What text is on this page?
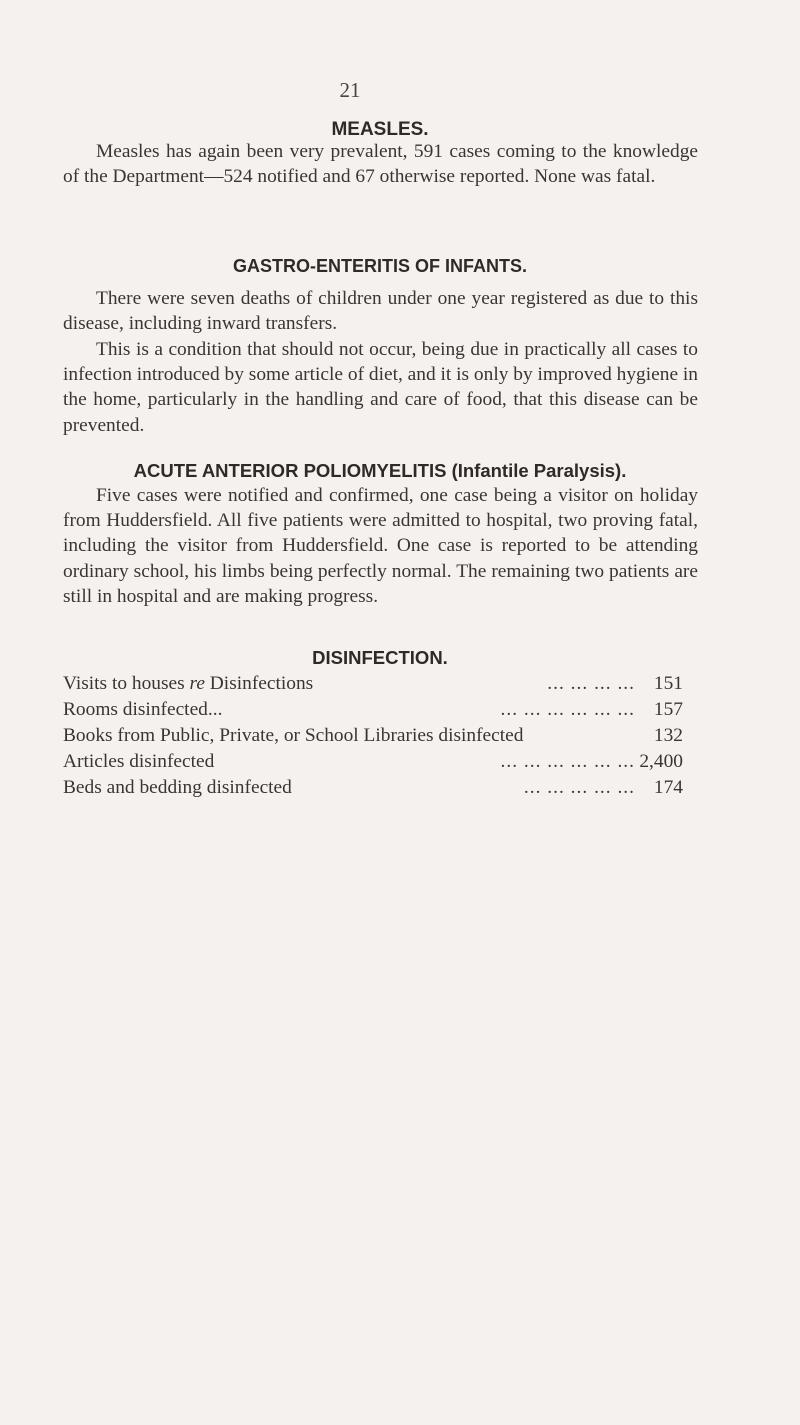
21
MEASLES.

Measles has again been very prevalent, 591 cases coming to the knowledge of the Department—524 notified and 67 otherwise reported. None was fatal.

GASTRO-ENTERITIS OF INFANTS.

There were seven deaths of children under one year registered as due to this disease, including inward transfers.

This is a condition that should not occur, being due in practically all cases to infection introduced by some article of diet, and it is only by improved hygiene in the home, particularly in the handling and care of food, that this disease can be prevented.

ACUTE ANTERIOR POLIOMYELITIS (Infantile Paralysis).

Five cases were notified and confirmed, one case being a visitor on holiday from Huddersfield. All five patients were admitted to hospital, two proving fatal, including the visitor from Huddersfield. One case is reported to be attending ordinary school, his limbs being perfectly normal. The remaining two patients are still in hospital and are making progress.

DISINFECTION.
Visits to houses re Disinfections	... ... ... ... 151
Rooms disinfected...	... ... ... ... ... ... 157
Books from Public, Private, or School Libraries disinfected	132
Articles disinfected	... ... ... ... ... ... 2,400
Beds and bedding disinfected	... ... ... ... ... 174
